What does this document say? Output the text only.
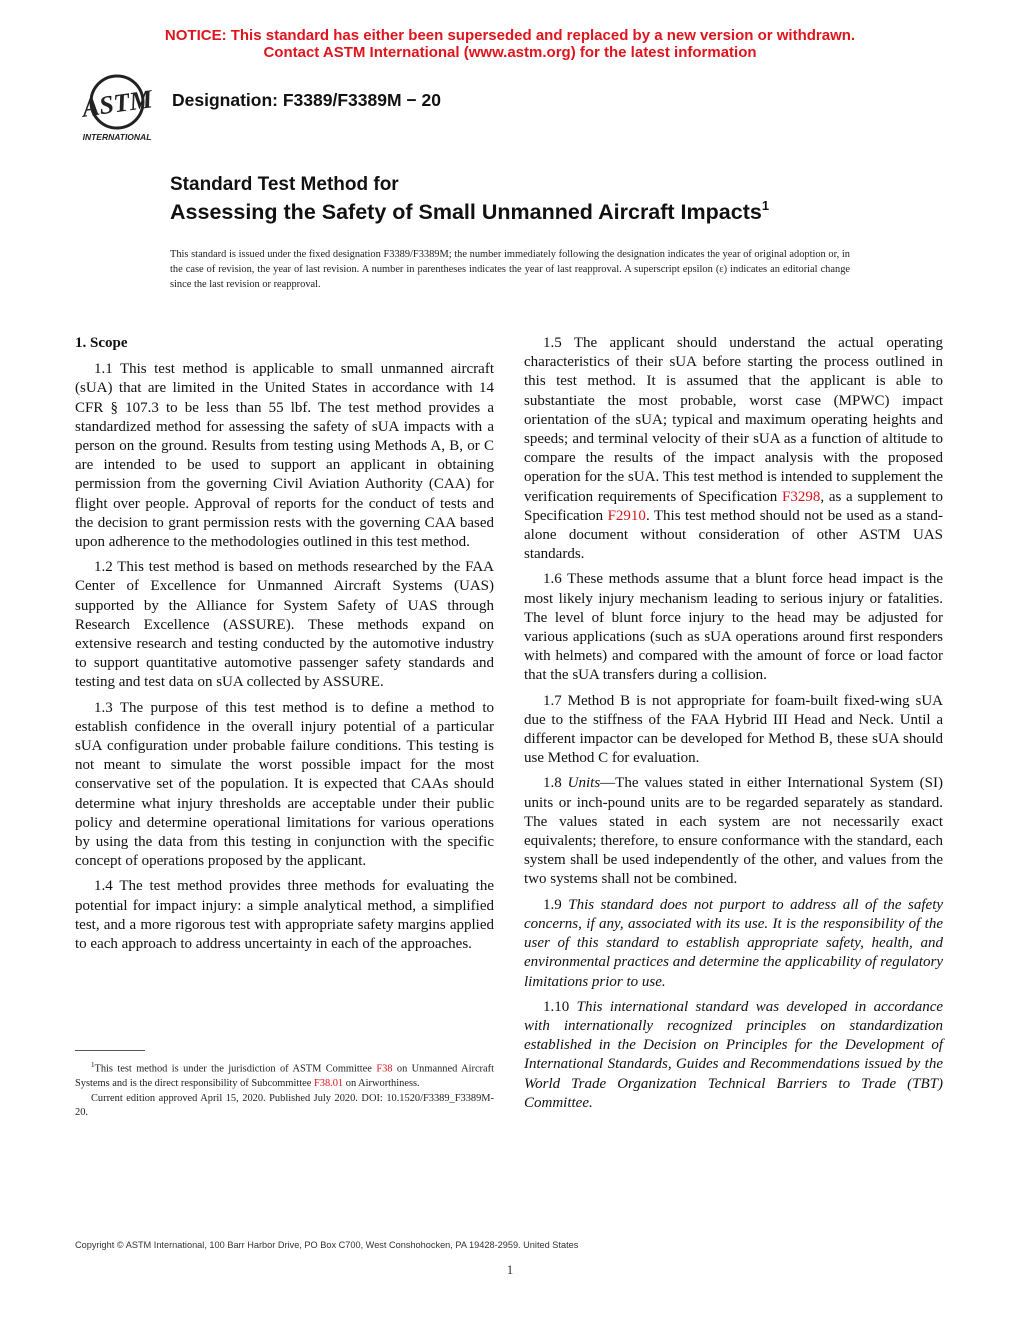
NOTICE: This standard has either been superseded and replaced by a new version or withdrawn.
Contact ASTM International (www.astm.org) for the latest information
ASTM
INTERNATIONAL
Designation: F3389/F3389M − 20
Standard Test Method for
Assessing the Safety of Small Unmanned Aircraft Impacts$^1$
This standard is issued under the fixed designation F3389/F3389M; the number immediately following the designation indicates the year of original adoption or, in the case of revision, the year of last revision. A number in parentheses indicates the year of last reapproval. A superscript epsilon (ε) indicates an editorial change since the last revision or reapproval.
1. Scope

1.1 This test method is applicable to small unmanned aircraft (sUA) that are limited in the United States in accordance with 14 CFR § 107.3 to be less than 55 lbf. The test method provides a standardized method for assessing the safety of sUA impacts with a person on the ground. Results from testing using Methods A, B, or C are intended to be used to support an applicant in obtaining permission from the governing Civil Aviation Authority (CAA) for flight over people. Approval of reports for the conduct of tests and the decision to grant permission rests with the governing CAA based upon adherence to the methodologies outlined in this test method.

1.2 This test method is based on methods researched by the FAA Center of Excellence for Unmanned Aircraft Systems (UAS) supported by the Alliance for System Safety of UAS through Research Excellence (ASSURE). These methods expand on extensive research and testing conducted by the automotive industry to support quantitative automotive passenger safety standards and testing and test data on sUA collected by ASSURE.

1.3 The purpose of this test method is to define a method to establish confidence in the overall injury potential of a particular sUA configuration under probable failure conditions. This testing is not meant to simulate the worst possible impact for the most conservative set of the population. It is expected that CAAs should determine what injury thresholds are acceptable under their public policy and determine operational limitations for various operations by using the data from this testing in conjunction with the specific concept of operations proposed by the applicant.

1.4 The test method provides three methods for evaluating the potential for impact injury: a simple analytical method, a simplified test, and a more rigorous test with appropriate safety margins applied to each approach to address uncertainty in each of the approaches.

1.5 The applicant should understand the actual operating characteristics of their sUA before starting the process outlined in this test method. It is assumed that the applicant is able to substantiate the most probable, worst case (MPWC) impact orientation of the sUA; typical and maximum operating heights and speeds; and terminal velocity of their sUA as a function of altitude to compare the results of the impact analysis with the proposed operation for the sUA. This test method is intended to supplement the verification requirements of Specification F3298, as a supplement to Specification F2910. This test method should not be used as a stand-alone document without consideration of other ASTM UAS standards.

1.6 These methods assume that a blunt force head impact is the most likely injury mechanism leading to serious injury or fatalities. The level of blunt force injury to the head may be adjusted for various applications (such as sUA operations around first responders with helmets) and compared with the amount of force or load factor that the sUA transfers during a collision.

1.7 Method B is not appropriate for foam-built fixed-wing sUA due to the stiffness of the FAA Hybrid III Head and Neck. Until a different impactor can be developed for Method B, these sUA should use Method C for evaluation.

1.8 Units—The values stated in either International System (SI) units or inch-pound units are to be regarded separately as standard. The values stated in each system are not necessarily exact equivalents; therefore, to ensure conformance with the standard, each system shall be used independently of the other, and values from the two systems shall not be combined.

1.9 This standard does not purport to address all of the safety concerns, if any, associated with its use. It is the responsibility of the user of this standard to establish appropriate safety, health, and environmental practices and determine the applicability of regulatory limitations prior to use.

1.10 This international standard was developed in accordance with internationally recognized principles on standardization established in the Decision on Principles for the Development of International Standards, Guides and Recommendations issued by the World Trade Organization Technical Barriers to Trade (TBT) Committee.

$^1$This test method is under the jurisdiction of ASTM Committee F38 on Unmanned Aircraft Systems and is the direct responsibility of Subcommittee F38.01 on Airworthiness.

Current edition approved April 15, 2020. Published July 2020. DOI: 10.1520/F3389_F3389M-20.

Copyright © ASTM International, 100 Barr Harbor Drive, PO Box C700, West Conshohocken, PA 19428-2959. United States
1
